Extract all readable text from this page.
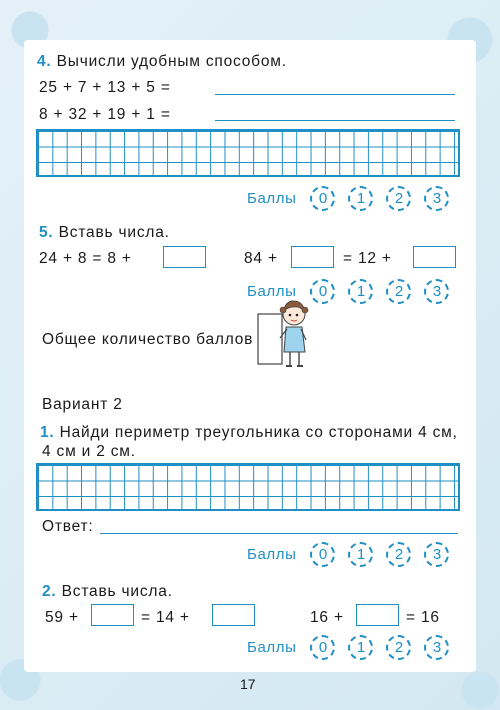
4. Вычисли удобным способом.
25 + 7 + 13 + 5 =
8 + 32 + 19 + 1 =
Баллы	0	1	2	3
5. Вставь числа.
24 + 8 = 8 +	84 +	= 12 +
Баллы	0	1	2	3
Общее количество баллов
Вариант 2
1. Найди периметр треугольника со сторонами 4 см,
4 см и 2 см.
Ответ:
Баллы	0	1	2	3
2. Вставь числа.
59 +	= 14 +	16 +	= 16
Баллы	0	1	2	3
17
